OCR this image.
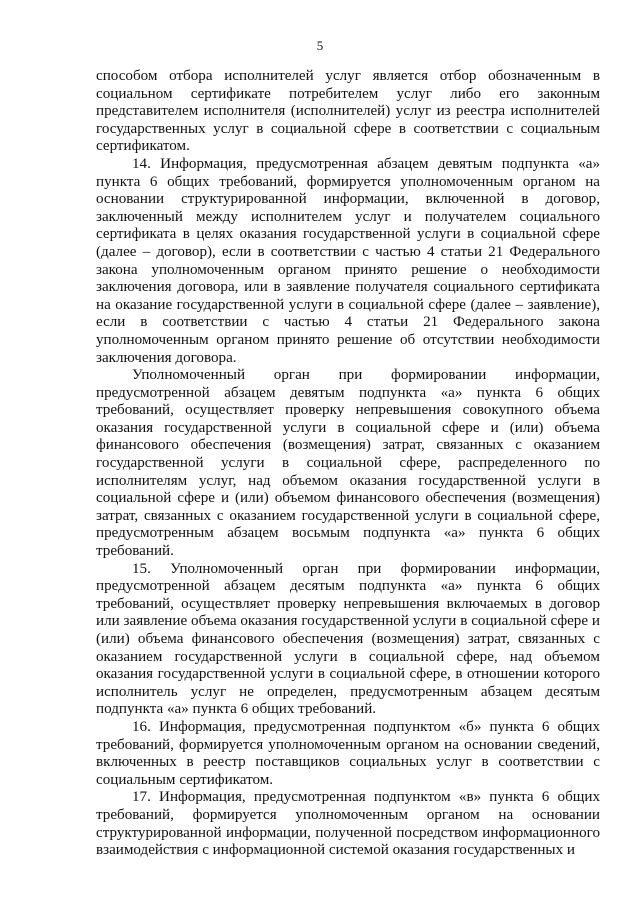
5

способом отбора исполнителей услуг является отбор обозначенным в социальном сертификате потребителем услуг либо его законным представителем исполнителя (исполнителей) услуг из реестра исполнителей государственных услуг в социальной сфере в соответствии с социальным сертификатом.

14. Информация, предусмотренная абзацем девятым подпункта «а» пункта 6 общих требований, формируется уполномоченным органом на основании структурированной информации, включенной в договор, заключенный между исполнителем услуг и получателем социального сертификата в целях оказания государственной услуги в социальной сфере (далее – договор), если в соответствии с частью 4 статьи 21 Федерального закона уполномоченным органом принято решение о необходимости заключения договора, или в заявление получателя социального сертификата на оказание государственной услуги в социальной сфере (далее – заявление), если в соответствии с частью 4 статьи 21 Федерального закона уполномоченным органом принято решение об отсутствии необходимости заключения договора.

Уполномоченный орган при формировании информации, предусмотренной абзацем девятым подпункта «а» пункта 6 общих требований, осуществляет проверку непревышения совокупного объема оказания государственной услуги в социальной сфере и (или) объема финансового обеспечения (возмещения) затрат, связанных с оказанием государственной услуги в социальной сфере, распределенного по исполнителям услуг, над объемом оказания государственной услуги в социальной сфере и (или) объемом финансового обеспечения (возмещения) затрат, связанных с оказанием государственной услуги в социальной сфере, предусмотренным абзацем восьмым подпункта «а» пункта 6 общих требований.

15. Уполномоченный орган при формировании информации, предусмотренной абзацем десятым подпункта «а» пункта 6 общих требований, осуществляет проверку непревышения включаемых в договор или заявление объема оказания государственной услуги в социальной сфере и (или) объема финансового обеспечения (возмещения) затрат, связанных с оказанием государственной услуги в социальной сфере, над объемом оказания государственной услуги в социальной сфере, в отношении которого исполнитель услуг не определен, предусмотренным абзацем десятым подпункта «а» пункта 6 общих требований.

16. Информация, предусмотренная подпунктом «б» пункта 6 общих требований, формируется уполномоченным органом на основании сведений, включенных в реестр поставщиков социальных услуг в соответствии с социальным сертификатом.

17. Информация, предусмотренная подпунктом «в» пункта 6 общих требований, формируется уполномоченным органом на основании структурированной информации, полученной посредством информационного взаимодействия с информационной системой оказания государственных и
